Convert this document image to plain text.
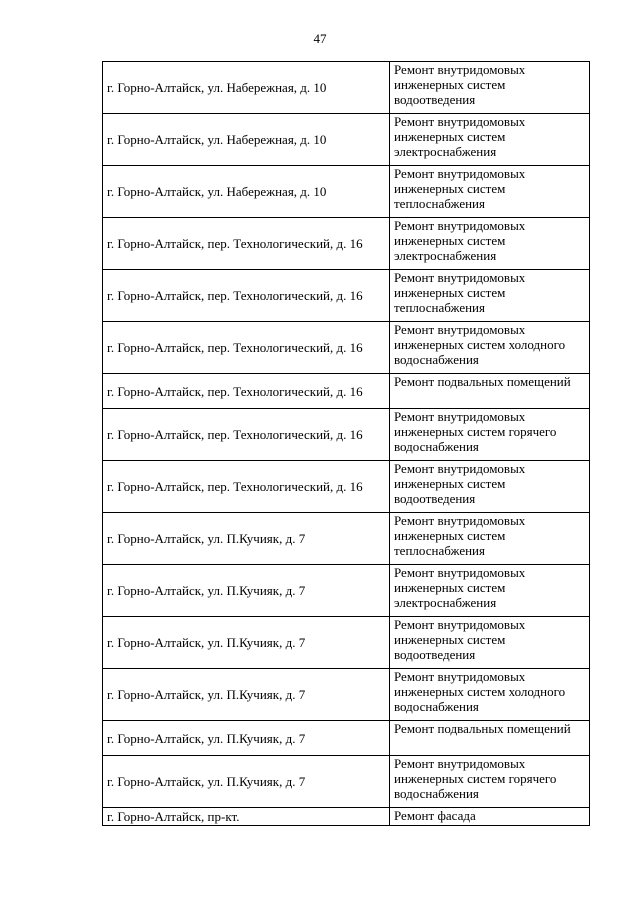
47
г. Горно-Алтайск, ул. Набережная, д. 10	Ремонт внутридомовых инженерных систем водоотведения
г. Горно-Алтайск, ул. Набережная, д. 10	Ремонт внутридомовых инженерных систем электроснабжения
г. Горно-Алтайск, ул. Набережная, д. 10	Ремонт внутридомовых инженерных систем теплоснабжения
г. Горно-Алтайск, пер. Технологический, д. 16	Ремонт внутридомовых инженерных систем электроснабжения
г. Горно-Алтайск, пер. Технологический, д. 16	Ремонт внутридомовых инженерных систем теплоснабжения
г. Горно-Алтайск, пер. Технологический, д. 16	Ремонт внутридомовых инженерных систем холодного водоснабжения
г. Горно-Алтайск, пер. Технологический, д. 16	Ремонт подвальных помещений
г. Горно-Алтайск, пер. Технологический, д. 16	Ремонт внутридомовых инженерных систем горячего водоснабжения
г. Горно-Алтайск, пер. Технологический, д. 16	Ремонт внутридомовых инженерных систем водоотведения
г. Горно-Алтайск, ул. П.Кучияк, д. 7	Ремонт внутридомовых инженерных систем теплоснабжения
г. Горно-Алтайск, ул. П.Кучияк, д. 7	Ремонт внутридомовых инженерных систем электроснабжения
г. Горно-Алтайск, ул. П.Кучияк, д. 7	Ремонт внутридомовых инженерных систем водоотведения
г. Горно-Алтайск, ул. П.Кучияк, д. 7	Ремонт внутридомовых инженерных систем холодного водоснабжения
г. Горно-Алтайск, ул. П.Кучияк, д. 7	Ремонт подвальных помещений
г. Горно-Алтайск, ул. П.Кучияк, д. 7	Ремонт внутридомовых инженерных систем горячего водоснабжения
г. Горно-Алтайск, пр-кт.	Ремонт фасада
